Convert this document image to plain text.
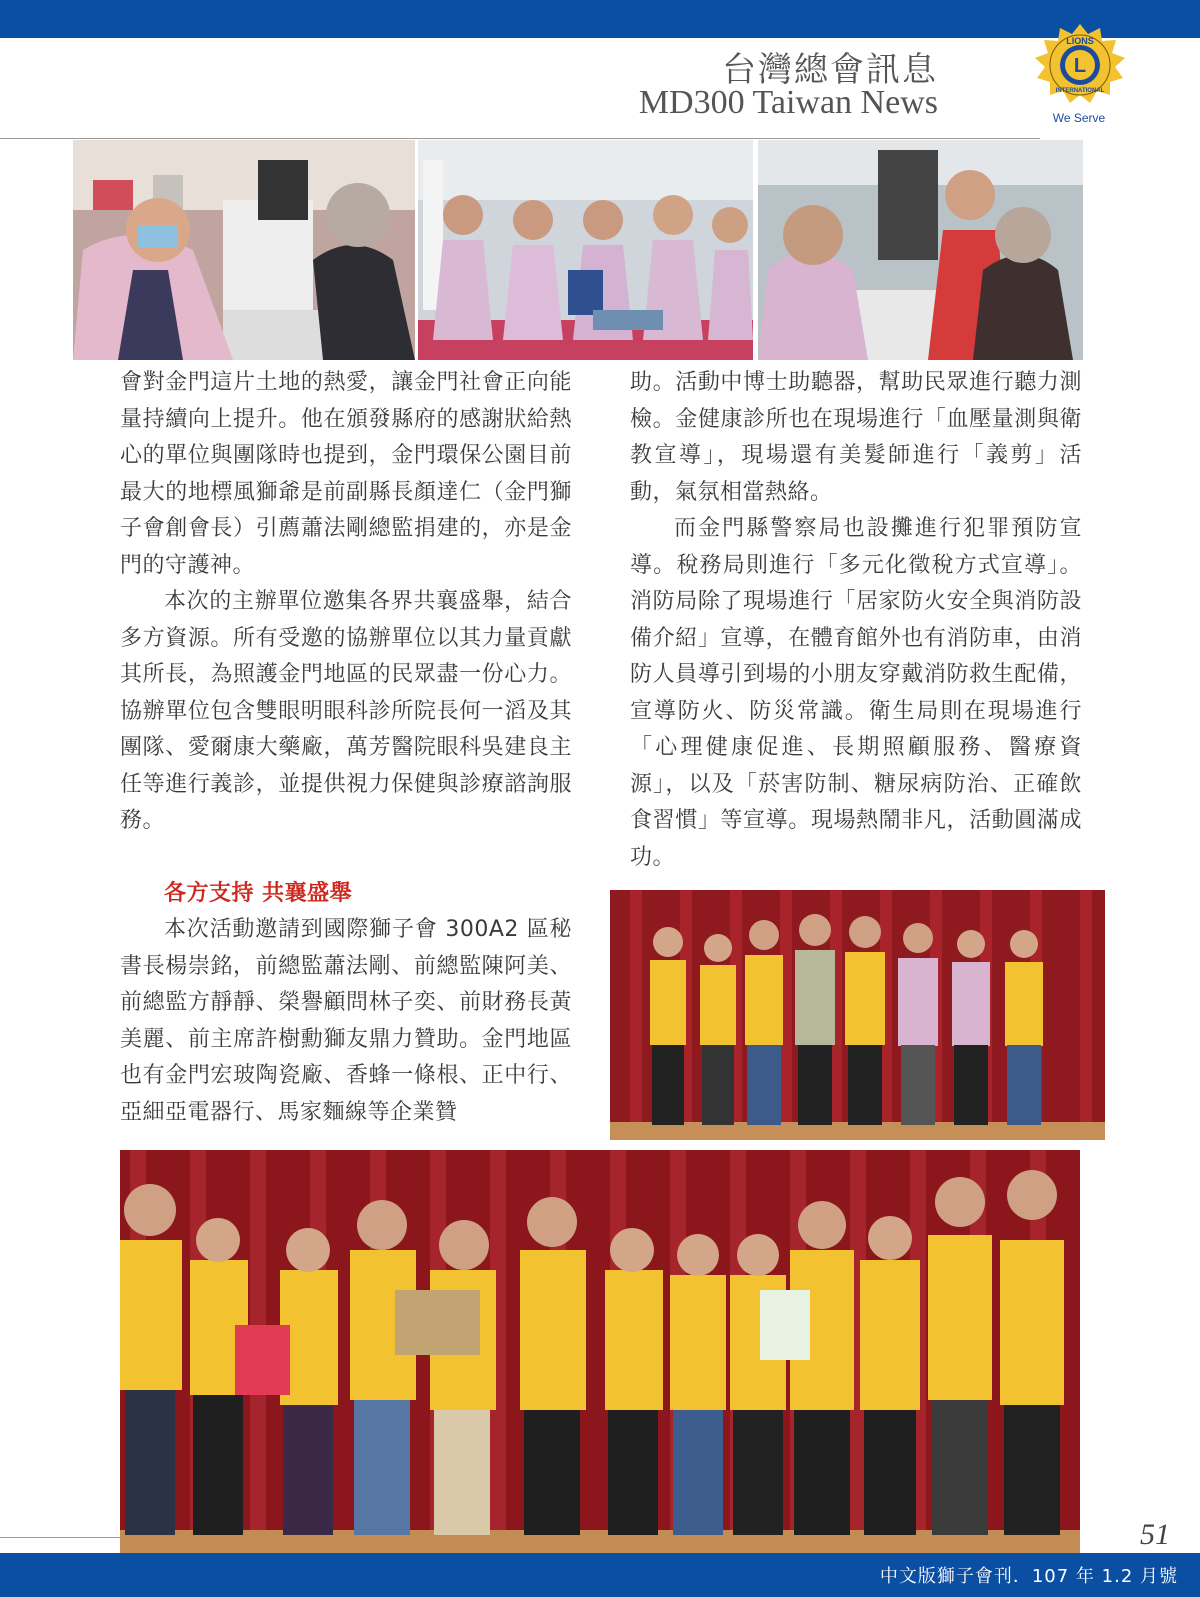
台灣總會訊息
MD300 Taiwan News
L
LIONS
INTERNATIONAL
We Serve

會對金門這片土地的熱愛，讓金門社會正向能量持續向上提升。他在頒發縣府的感謝狀給熱心的單位與團隊時也提到，金門環保公園目前最大的地標風獅爺是前副縣長顏達仁（金門獅子會創會長）引薦蕭法剛總監捐建的，亦是金門的守護神。

本次的主辦單位邀集各界共襄盛舉，結合多方資源。所有受邀的協辦單位以其力量貢獻其所長，為照護金門地區的民眾盡一份心力。協辦單位包含雙眼明眼科診所院長何一滔及其團隊、愛爾康大藥廠，萬芳醫院眼科吳建良主任等進行義診，並提供視力保健與診療諮詢服務。

各方支持 共襄盛舉

本次活動邀請到國際獅子會 300A2 區秘書長楊崇銘，前總監蕭法剛、前總監陳阿美、前總監方靜靜、榮譽顧問林子奕、前財務長黃美麗、前主席許樹勳獅友鼎力贊助。金門地區也有金門宏玻陶瓷廠、香蜂一條根、正中行、亞細亞電器行、馬家麵線等企業贊

助。活動中博士助聽器，幫助民眾進行聽力測檢。金健康診所也在現場進行「血壓量測與衛教宣導」，現場還有美髮師進行「義剪」活動，氣氛相當熱絡。

而金門縣警察局也設攤進行犯罪預防宣導。稅務局則進行「多元化徵稅方式宣導」。消防局除了現場進行「居家防火安全與消防設備介紹」宣導，在體育館外也有消防車，由消防人員導引到場的小朋友穿戴消防救生配備，宣導防火、防災常識。衛生局則在現場進行「心理健康促進、長期照顧服務、醫療資源」，以及「菸害防制、糖尿病防治、正確飲食習慣」等宣導。現場熱鬧非凡，活動圓滿成功。

51
中文版獅子會刊．107 年 1.2 月號
